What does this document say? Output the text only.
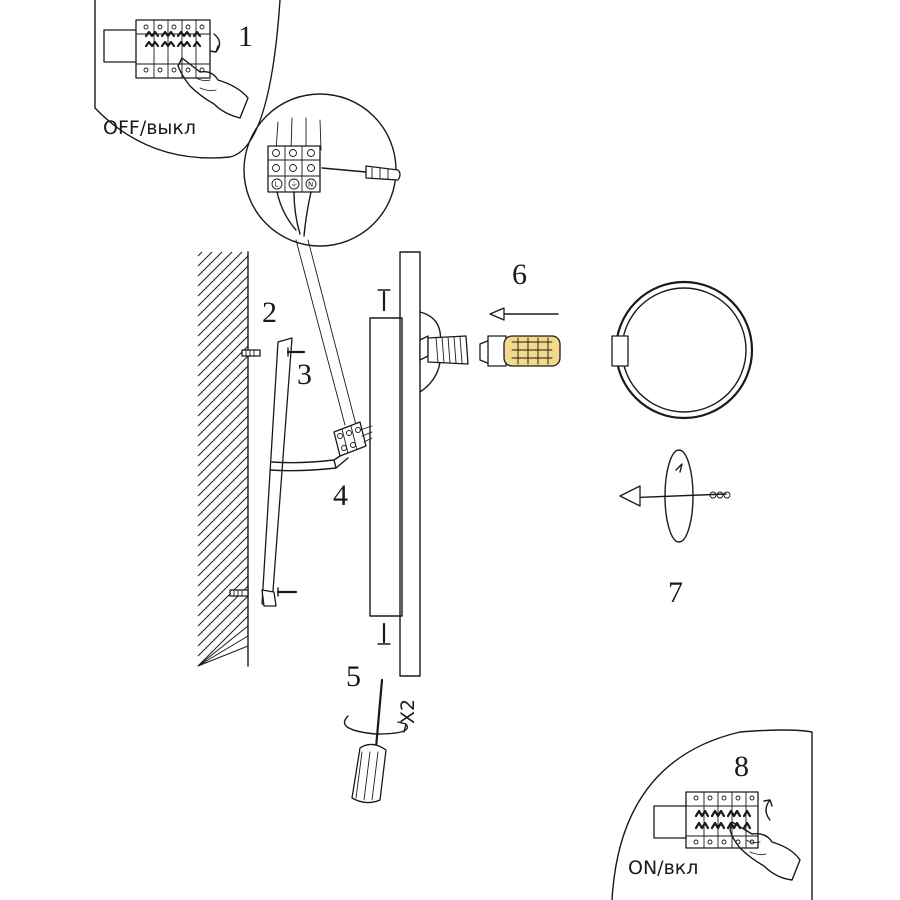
1
OFF/выкл
L ⏚ N
8
ON/вкл
2
3
4
5
X2
6
7
